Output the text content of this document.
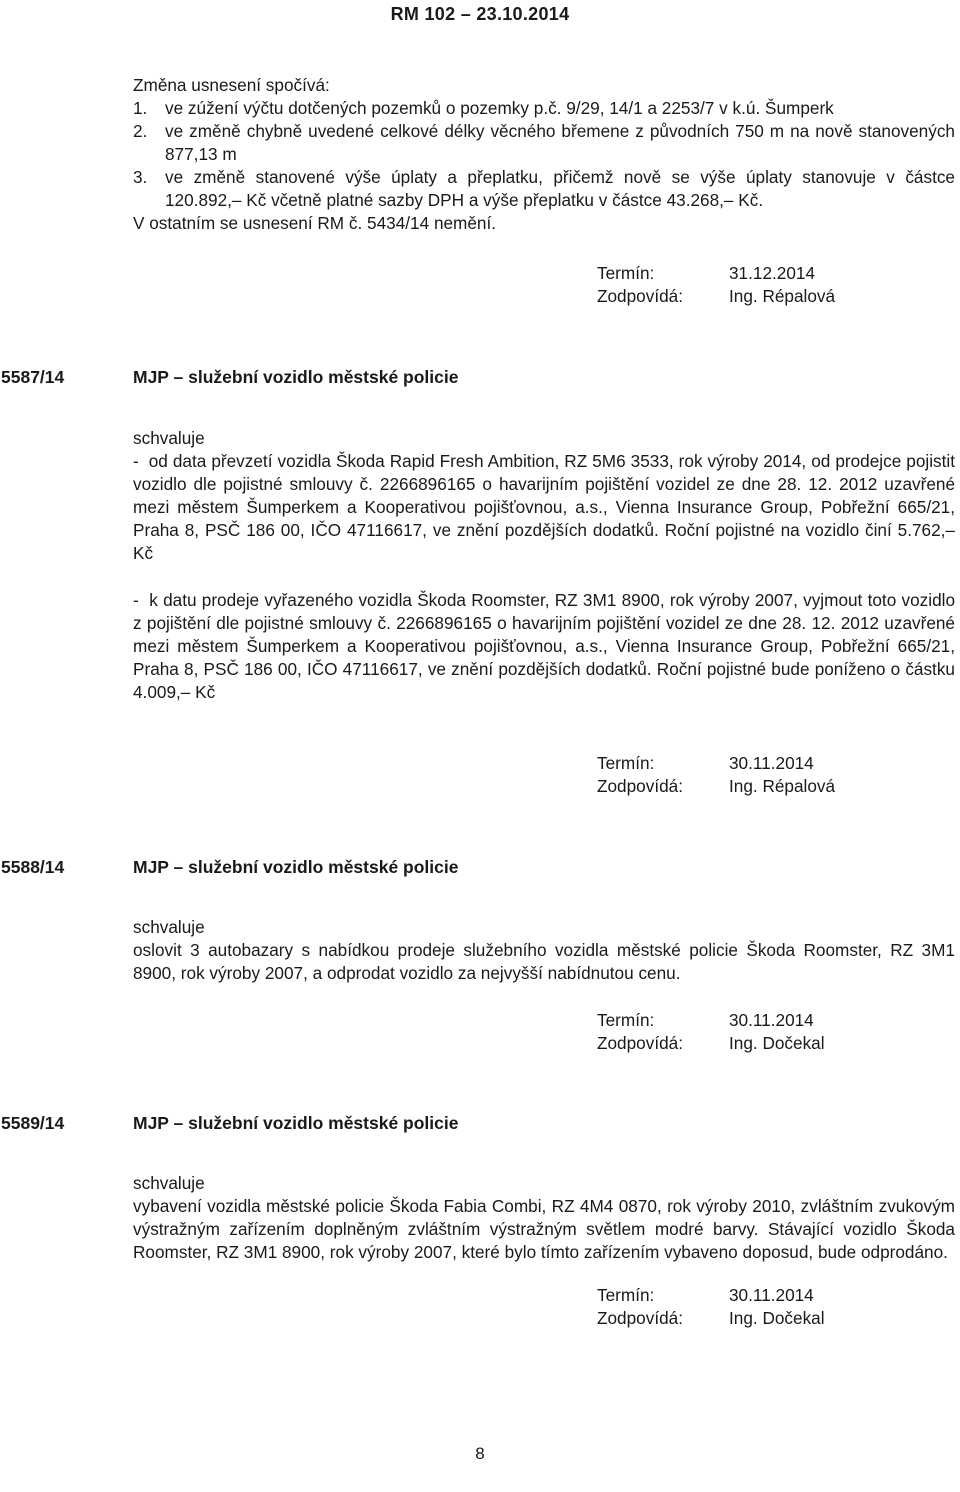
RM 102 – 23.10.2014
Změna usnesení spočívá:
1. ve zúžení výčtu dotčených pozemků o pozemky p.č. 9/29, 14/1 a 2253/7 v k.ú. Šumperk
2. ve změně chybně uvedené celkové délky věcného břemene z původních 750 m na nově stanovených 877,13 m
3. ve změně stanovené výše úplaty a přeplatku, přičemž nově se výše úplaty stanovuje v částce 120.892,– Kč včetně platné sazby DPH a výše přeplatku v částce 43.268,– Kč.
V ostatním se usnesení RM č. 5434/14 nemění.
Termín:	31.12.2014
Zodpovídá:	Ing. Répalová
5587/14	MJP – služební vozidlo městské policie
schvaluje
-  od data převzetí vozidla Škoda Rapid Fresh Ambition, RZ 5M6 3533, rok výroby 2014, od prodejce pojistit vozidlo dle pojistné smlouvy č. 2266896165 o havarijním pojištění vozidel ze dne 28. 12. 2012 uzavřené mezi městem Šumperkem a Kooperativou pojišťovnou, a.s., Vienna Insurance Group, Pobřežní 665/21, Praha 8, PSČ 186 00, IČO 47116617, ve znění pozdějších dodatků. Roční pojistné na vozidlo činí 5.762,– Kč
-  k datu prodeje vyřazeného vozidla Škoda Roomster, RZ 3M1 8900, rok výroby 2007, vyjmout toto vozidlo z pojištění dle pojistné smlouvy č. 2266896165 o havarijním pojištění vozidel ze dne 28. 12. 2012 uzavřené mezi městem Šumperkem a Kooperativou pojišťovnou, a.s., Vienna Insurance Group, Pobřežní 665/21, Praha 8, PSČ 186 00, IČO 47116617, ve znění pozdějších dodatků. Roční pojistné bude poníženo o částku 4.009,– Kč
Termín:	30.11.2014
Zodpovídá:	Ing. Répalová
5588/14	MJP – služební vozidlo městské policie
schvaluje
oslovit 3 autobazary s nabídkou prodeje služebního vozidla městské policie Škoda Roomster, RZ 3M1 8900, rok výroby 2007, a odprodat vozidlo za nejvyšší nabídnutou cenu.
Termín:	30.11.2014
Zodpovídá:	Ing. Dočekal
5589/14	MJP – služební vozidlo městské policie
schvaluje
vybavení vozidla městské policie Škoda Fabia Combi, RZ 4M4 0870, rok výroby 2010, zvláštním zvukovým výstražným zařízením doplněným zvláštním výstražným světlem modré barvy. Stávající vozidlo Škoda Roomster, RZ 3M1 8900, rok výroby 2007, které bylo tímto zařízením vybaveno doposud, bude odprodáno.
Termín:	30.11.2014
Zodpovídá:	Ing. Dočekal
8
